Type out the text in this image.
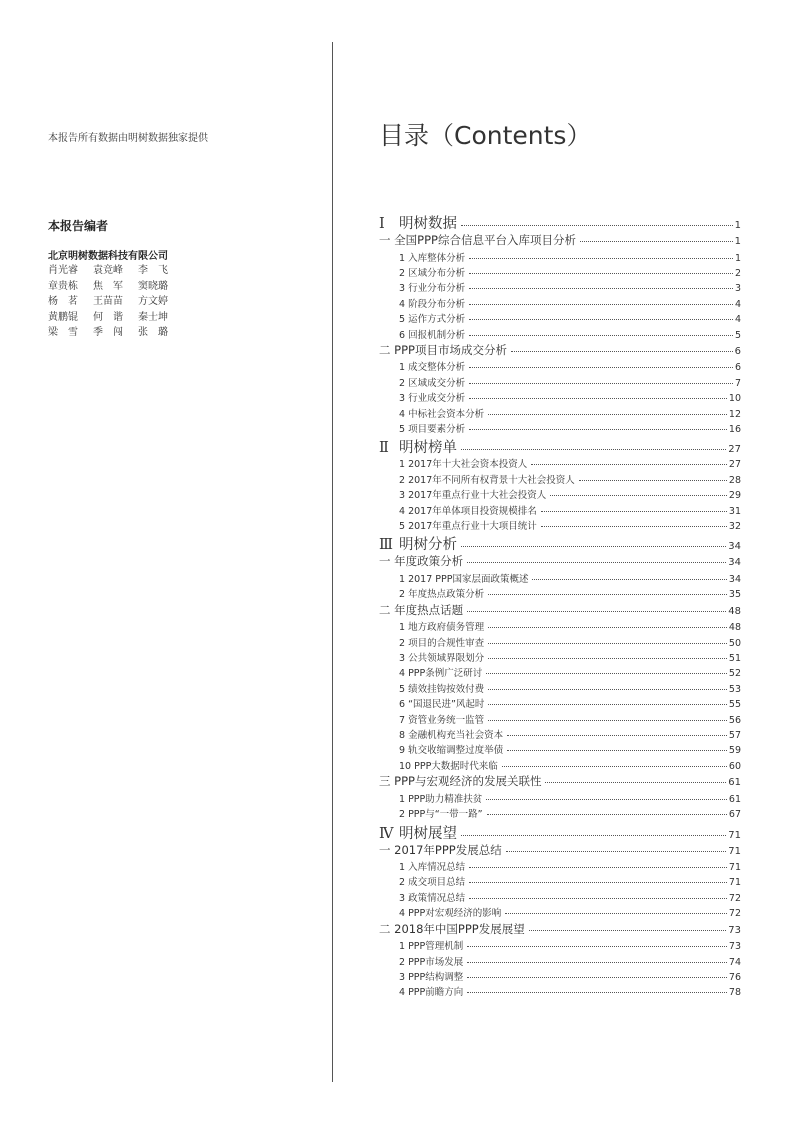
本报告所有数据由明树数据独家提供
本报告编者
北京明树数据科技有限公司
肖光睿 袁竞峰 李　飞
章贵栋 焦　军 窦晓璐
杨　茗 王苗苗 方文婷
黄鹏锟 何　谐 秦士坤
梁　雪 季　闯 张　璐
目录（Contents）
Ⅰ 明树数据	1
一 全国PPP综合信息平台入库项目分析	1
1 入库整体分析	1
2 区域分布分析	2
3 行业分布分析	3
4 阶段分布分析	4
5 运作方式分析	4
6 回报机制分析	5
二 PPP项目市场成交分析	6
1 成交整体分析	6
2 区域成交分析	7
3 行业成交分析	10
4 中标社会资本分析	12
5 项目要素分析	16
Ⅱ 明树榜单	27
1 2017年十大社会资本投资人	27
2 2017年不同所有权背景十大社会投资人	28
3 2017年重点行业十大社会投资人	29
4 2017年单体项目投资规模排名	31
5 2017年重点行业十大项目统计	32
Ⅲ 明树分析	34
一 年度政策分析	34
1 2017 PPP国家层面政策概述	34
2 年度热点政策分析	35
二 年度热点话题	48
1 地方政府债务管理	48
2 项目的合规性审查	50
3 公共领域界限划分	51
4 PPP条例广泛研讨	52
5 绩效挂钩按效付费	53
6 “国退民进”风起时	55
7 资管业务统一监管	56
8 金融机构充当社会资本	57
9 轨交收缩调整过度举债	59
10 PPP大数据时代来临	60
三 PPP与宏观经济的发展关联性	61
1 PPP助力精准扶贫	61
2 PPP与“一带一路”	67
Ⅳ 明树展望	71
一 2017年PPP发展总结	71
1 入库情况总结	71
2 成交项目总结	71
3 政策情况总结	72
4 PPP对宏观经济的影响	72
二 2018年中国PPP发展展望	73
1 PPP管理机制	73
2 PPP市场发展	74
3 PPP结构调整	76
4 PPP前瞻方向	78
